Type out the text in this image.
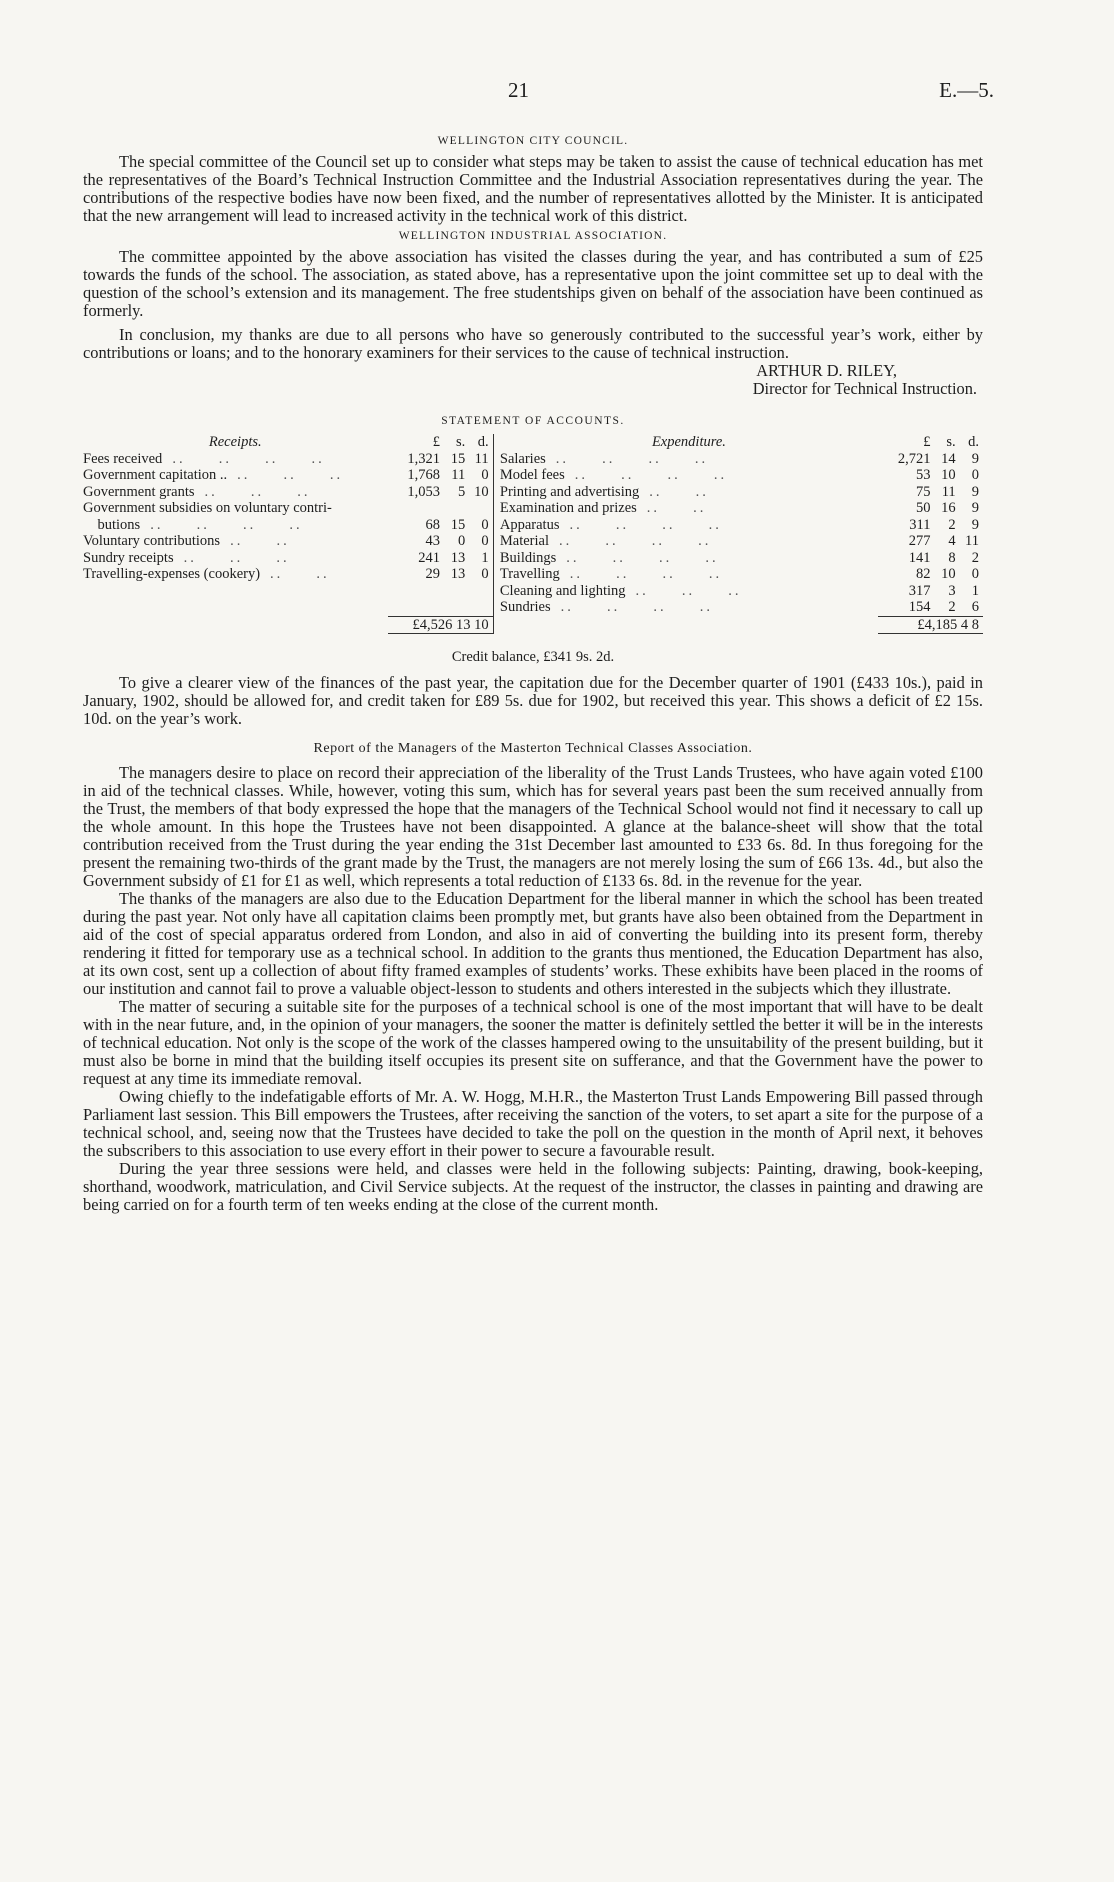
21	E.—5.
WELLINGTON CITY COUNCIL.

The special committee of the Council set up to consider what steps may be taken to assist the cause of technical education has met the representatives of the Board’s Technical Instruction Committee and the Industrial Association representatives during the year. The contributions of the respective bodies have now been fixed, and the number of representatives allotted by the Minister. It is anticipated that the new arrangement will lead to increased activity in the technical work of this district.

WELLINGTON INDUSTRIAL ASSOCIATION.

The committee appointed by the above association has visited the classes during the year, and has contributed a sum of £25 towards the funds of the school. The association, as stated above, has a representative upon the joint committee set up to deal with the question of the school’s extension and its management. The free studentships given on behalf of the association have been continued as formerly.

In conclusion, my thanks are due to all persons who have so generously contributed to the successful year’s work, either by contributions or loans; and to the honorary examiners for their services to the cause of technical instruction.

ARTHUR D. RILEY,
Director for Technical Instruction.
STATEMENT OF ACCOUNTS.
Receipts.	£	s.	d.		Expenditure.	£	s.	d.
Fees received ..     ..     ..     ..	1,321	15	11		Salaries ..     ..     ..     ..	2,721	14	9
Government capitation .. ..     ..     ..	1,768	11	0		Model fees ..     ..     ..     ..	53	10	0
Government grants ..     ..     ..	1,053	5	10		Printing and advertising ..     ..	75	11	9
Government subsidies on voluntary contri-					Examination and prizes ..     ..	50	16	9
butions ..     ..     ..     ..	68	15	0		Apparatus ..     ..     ..     ..	311	2	9
Voluntary contributions ..     ..	43	0	0		Material ..     ..     ..     ..	277	4	11
Sundry receipts ..     ..     ..	241	13	1		Buildings ..     ..     ..     ..	141	8	2
Travelling-expenses (cookery) ..     ..	29	13	0		Travelling ..     ..     ..     ..	82	10	0
					Cleaning and lighting ..     ..     ..	317	3	1
					Sundries ..     ..     ..     ..	154	2	6
	£4,526 13 10					£4,185 4 8		
Credit balance, £341 9s. 2d.

To give a clearer view of the finances of the past year, the capitation due for the December quarter of 1901 (£433 10s.), paid in January, 1902, should be allowed for, and credit taken for £89 5s. due for 1902, but received this year. This shows a deficit of £2 15s. 10d. on the year’s work.

Report of the Managers of the Masterton Technical Classes Association.

The managers desire to place on record their appreciation of the liberality of the Trust Lands Trustees, who have again voted £100 in aid of the technical classes. While, however, voting this sum, which has for several years past been the sum received annually from the Trust, the members of that body expressed the hope that the managers of the Technical School would not find it necessary to call up the whole amount. In this hope the Trustees have not been disappointed. A glance at the balance-sheet will show that the total contribution received from the Trust during the year ending the 31st December last amounted to £33 6s. 8d. In thus foregoing for the present the remaining two-thirds of the grant made by the Trust, the managers are not merely losing the sum of £66 13s. 4d., but also the Government subsidy of £1 for £1 as well, which represents a total reduction of £133 6s. 8d. in the revenue for the year.

The thanks of the managers are also due to the Education Department for the liberal manner in which the school has been treated during the past year. Not only have all capitation claims been promptly met, but grants have also been obtained from the Department in aid of the cost of special apparatus ordered from London, and also in aid of converting the building into its present form, thereby rendering it fitted for temporary use as a technical school. In addition to the grants thus mentioned, the Education Department has also, at its own cost, sent up a collection of about fifty framed examples of students’ works. These exhibits have been placed in the rooms of our institution and cannot fail to prove a valuable object-lesson to students and others interested in the subjects which they illustrate.

The matter of securing a suitable site for the purposes of a technical school is one of the most important that will have to be dealt with in the near future, and, in the opinion of your managers, the sooner the matter is definitely settled the better it will be in the interests of technical education. Not only is the scope of the work of the classes hampered owing to the unsuitability of the present building, but it must also be borne in mind that the building itself occupies its present site on sufferance, and that the Government have the power to request at any time its immediate removal.

Owing chiefly to the indefatigable efforts of Mr. A. W. Hogg, M.H.R., the Masterton Trust Lands Empowering Bill passed through Parliament last session. This Bill empowers the Trustees, after receiving the sanction of the voters, to set apart a site for the purpose of a technical school, and, seeing now that the Trustees have decided to take the poll on the question in the month of April next, it behoves the subscribers to this association to use every effort in their power to secure a favourable result.

During the year three sessions were held, and classes were held in the following subjects: Painting, drawing, book-keeping, shorthand, woodwork, matriculation, and Civil Service subjects. At the request of the instructor, the classes in painting and drawing are being carried on for a fourth term of ten weeks ending at the close of the current month.
